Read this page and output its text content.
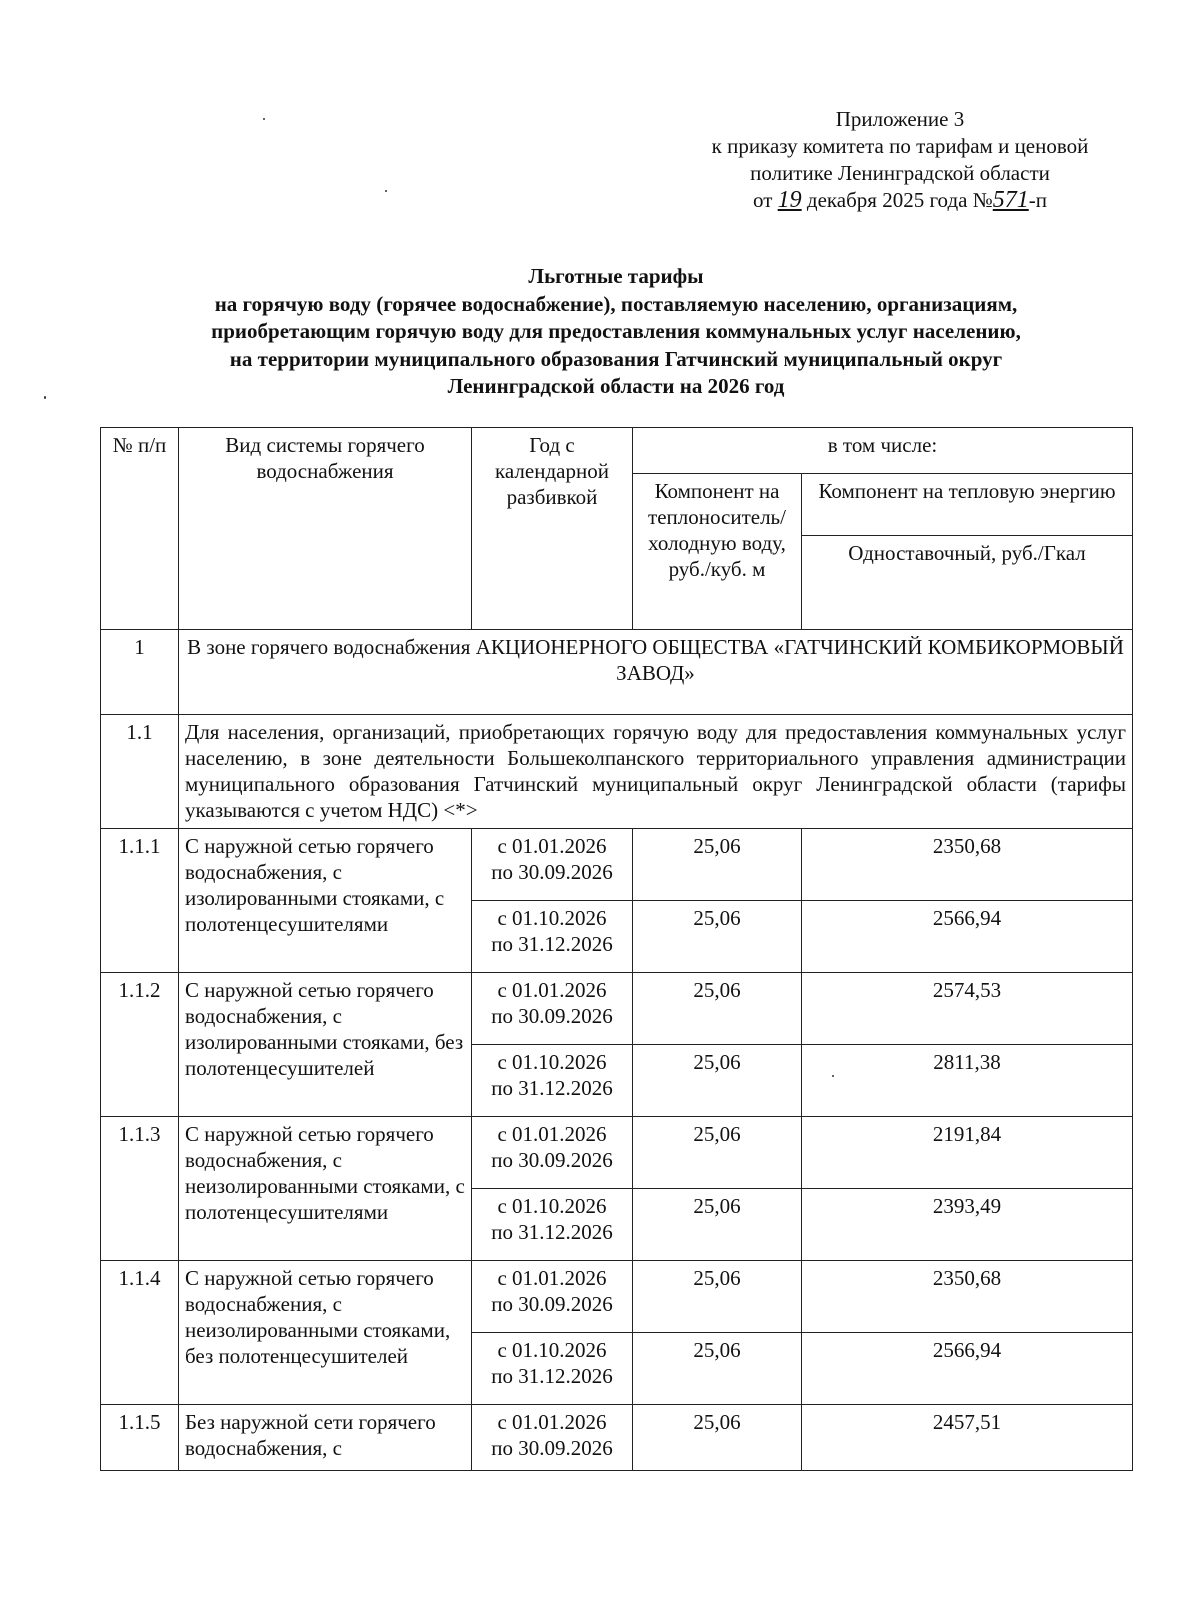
Приложение 3
к приказу комитета по тарифам и ценовой
политике Ленинградской области
от 19 декабря 2025 года №571-п
Льготные тарифы
на горячую воду (горячее водоснабжение), поставляемую населению, организациям,
приобретающим горячую воду для предоставления коммунальных услуг населению,
на территории муниципального образования Гатчинский муниципальный округ
Ленинградской области на 2026 год
№ п/п	Вид системы горячего водоснабжения	Год с календарной разбивкой	в том числе:	
			Компонент на теплоноситель/ холодную воду, руб./куб. м	Компонент на тепловую энергию
				Одноставочный, руб./Гкал
1	В зоне горячего водоснабжения АКЦИОНЕРНОГО ОБЩЕСТВА «ГАТЧИНСКИЙ КОМБИКОРМОВЫЙ ЗАВОД»			
1.1	Для населения, организаций, приобретающих горячую воду для предоставления коммунальных услуг населению, в зоне деятельности Большеколпанского территориального управления администрации муниципального образования Гатчинский муниципальный округ Ленинградской области (тарифы указываются с учетом НДС) <*>			
1.1.1	С наружной сетью горячего водоснабжения, с изолированными стояками, с полотенцесушителями	с 01.01.2026
по 30.09.2026	25,06	2350,68

		с 01.10.2026
по 31.12.2026	25,06	2566,94
1.1.2	С наружной сетью горячего водоснабжения, с изолированными стояками, без полотенцесушителей	с 01.01.2026
по 30.09.2026	25,06	2574,53

		с 01.10.2026
по 31.12.2026	25,06	2811,38
1.1.3	С наружной сетью горячего водоснабжения, с неизолированными стояками, с полотенцесушителями	с 01.01.2026
по 30.09.2026	25,06	2191,84

		с 01.10.2026
по 31.12.2026	25,06	2393,49
1.1.4	С наружной сетью горячего водоснабжения, с неизолированными стояками, без полотенцесушителей	с 01.01.2026
по 30.09.2026	25,06	2350,68

		с 01.10.2026
по 31.12.2026	25,06	2566,94
1.1.5	Без наружной сети горячего водоснабжения, с	с 01.01.2026
по 30.09.2026	25,06	2457,51
